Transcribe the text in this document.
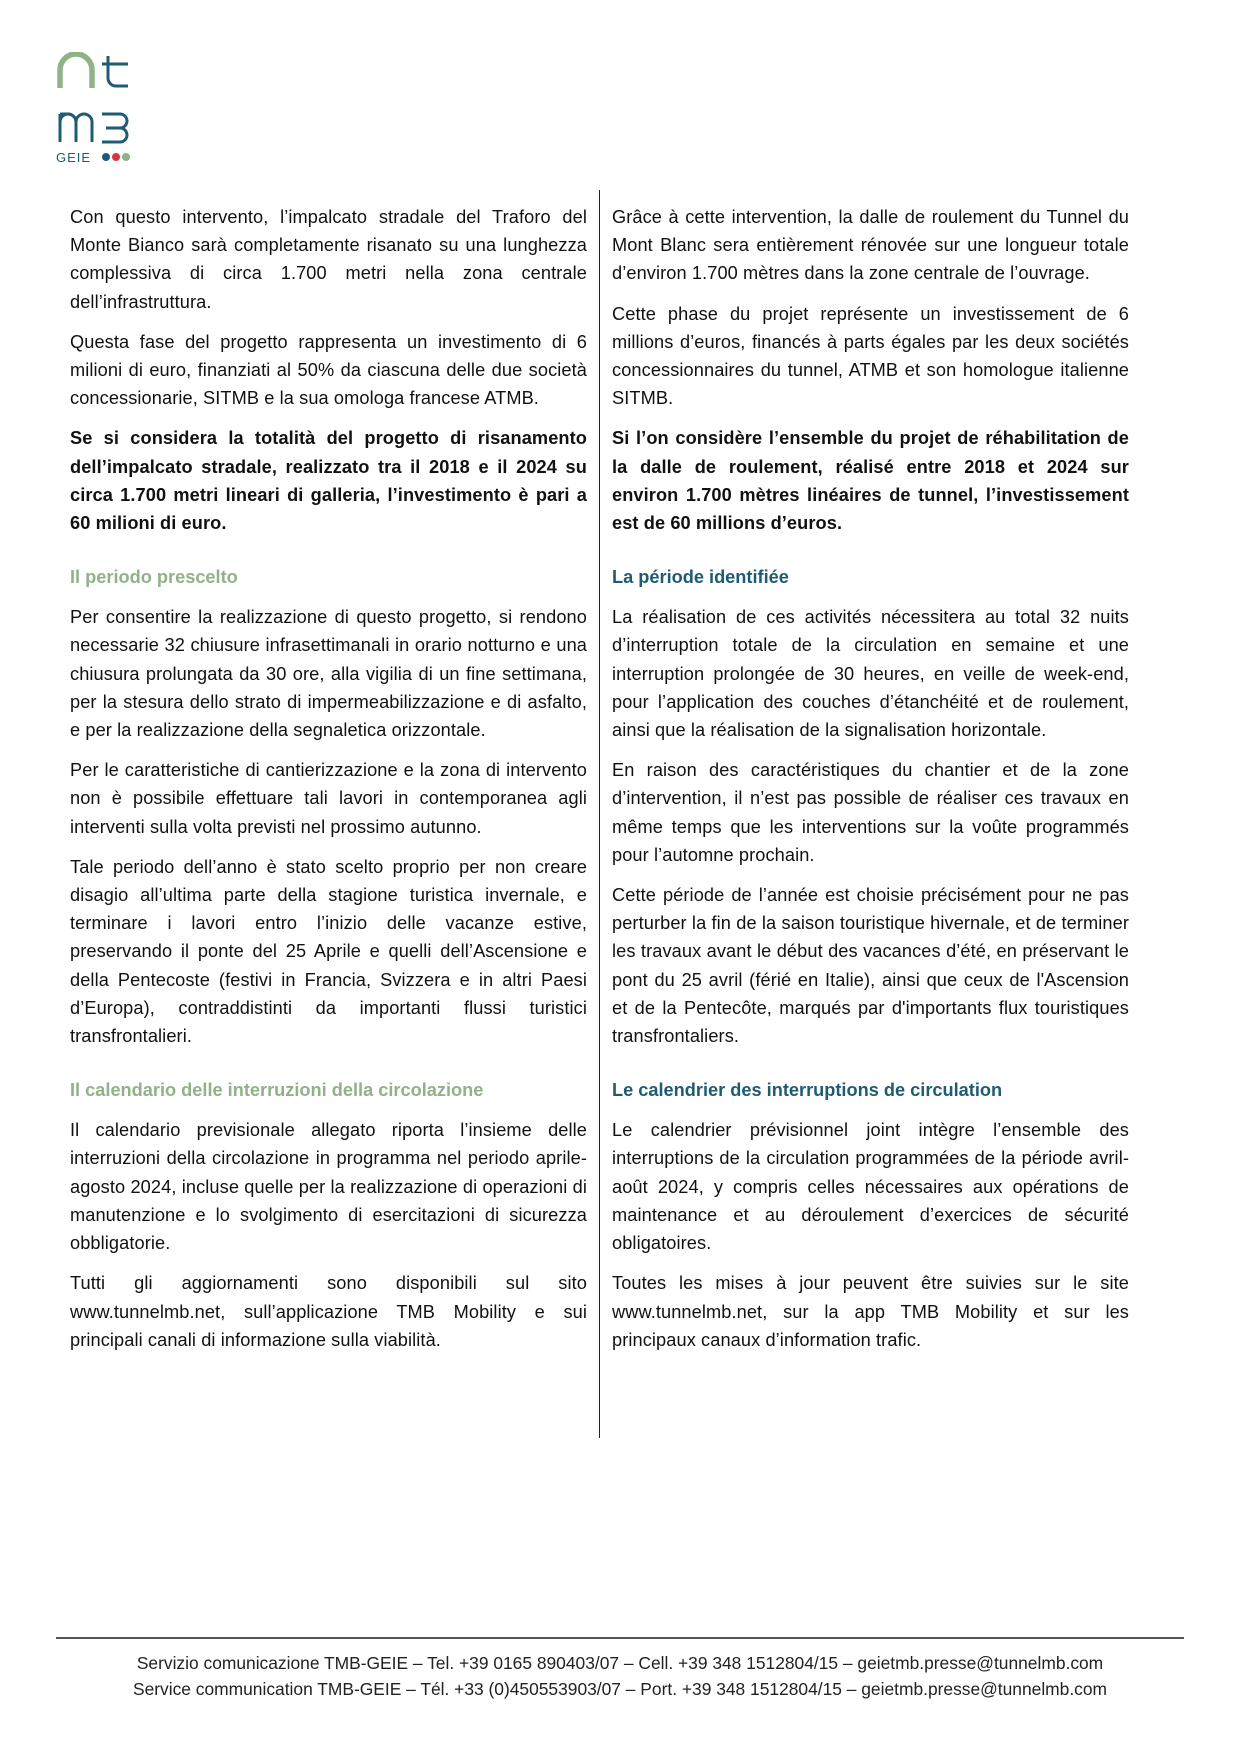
GEIE

Con questo intervento, l’impalcato stradale del Traforo del Monte Bianco sarà completamente risanato su una lunghezza complessiva di circa 1.700 metri nella zona centrale dell’infrastruttura.

Questa fase del progetto rappresenta un investimento di 6 milioni di euro, finanziati al 50% da ciascuna delle due società concessionarie, SITMB e la sua omologa francese ATMB.

Se si considera la totalità del progetto di risanamento dell’impalcato stradale, realizzato tra il 2018 e il 2024 su circa 1.700 metri lineari di galleria, l’investimento è pari a 60 milioni di euro.

Il periodo prescelto

Per consentire la realizzazione di questo progetto, si rendono necessarie 32 chiusure infrasettimanali in orario notturno e una chiusura prolungata da 30 ore, alla vigilia di un fine settimana, per la stesura dello strato di impermeabilizzazione e di asfalto, e per la realizzazione della segnaletica orizzontale.

Per le caratteristiche di cantierizzazione e la zona di intervento non è possibile effettuare tali lavori in contemporanea agli interventi sulla volta previsti nel prossimo autunno.

Tale periodo dell’anno è stato scelto proprio per non creare disagio all’ultima parte della stagione turistica invernale, e terminare i lavori entro l’inizio delle vacanze estive, preservando il ponte del 25 Aprile e quelli dell’Ascensione e della Pentecoste (festivi in Francia, Svizzera e in altri Paesi d’Europa), contraddistinti da importanti flussi turistici transfrontalieri.

Il calendario delle interruzioni della circolazione

Il calendario previsionale allegato riporta l’insieme delle interruzioni della circolazione in programma nel periodo aprile-agosto 2024, incluse quelle per la realizzazione di operazioni di manutenzione e lo svolgimento di esercitazioni di sicurezza obbligatorie.

Tutti gli aggiornamenti sono disponibili sul sito www.tunnelmb.net, sull’applicazione TMB Mobility e sui principali canali di informazione sulla viabilità.

Grâce à cette intervention, la dalle de roulement du Tunnel du Mont Blanc sera entièrement rénovée sur une longueur totale d’environ 1.700 mètres dans la zone centrale de l’ouvrage.

Cette phase du projet représente un investissement de 6 millions d’euros, financés à parts égales par les deux sociétés concessionnaires du tunnel, ATMB et son homologue italienne SITMB.

Si l’on considère l’ensemble du projet de réhabilitation de la dalle de roulement, réalisé entre 2018 et 2024 sur environ 1.700 mètres linéaires de tunnel, l’investissement est de 60 millions d’euros.

La période identifiée

La réalisation de ces activités nécessitera au total 32 nuits d’interruption totale de la circulation en semaine et une interruption prolongée de 30 heures, en veille de week-end, pour l’application des couches d’étanchéité et de roulement, ainsi que la réalisation de la signalisation horizontale.

En raison des caractéristiques du chantier et de la zone d’intervention, il n’est pas possible de réaliser ces travaux en même temps que les interventions sur la voûte programmés pour l’automne prochain.

Cette période de l’année est choisie précisément pour ne pas perturber la fin de la saison touristique hivernale, et de terminer les travaux avant le début des vacances d’été, en préservant le pont du 25 avril (férié en Italie), ainsi que ceux de l'Ascension et de la Pentecôte, marqués par d'importants flux touristiques transfrontaliers.

Le calendrier des interruptions de circulation

Le calendrier prévisionnel joint intègre l’ensemble des interruptions de la circulation programmées de la période avril-août 2024, y compris celles nécessaires aux opérations de maintenance et au déroulement d’exercices de sécurité obligatoires.

Toutes les mises à jour peuvent être suivies sur le site www.tunnelmb.net, sur la app TMB Mobility et sur les principaux canaux d’information trafic.

Servizio comunicazione TMB-GEIE – Tel. +39 0165 890403/07 – Cell. +39 348 1512804/15 – geietmb.presse@tunnelmb.com
Service communication TMB-GEIE – Tél. +33 (0)450553903/07 – Port. +39 348 1512804/15 – geietmb.presse@tunnelmb.com
